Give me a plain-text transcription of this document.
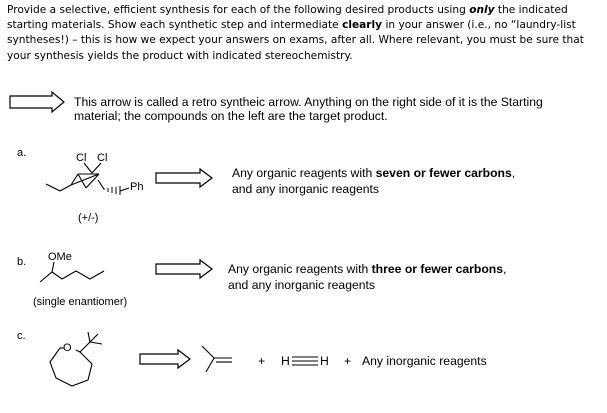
Provide a selective, efficient synthesis for each of the following desired products using only the indicated starting materials. Show each synthetic step and intermediate clearly in your answer (i.e., no “laundry-list syntheses!) – this is how we expect your answers on exams, after all. Where relevant, you must be sure that your synthesis yields the product with indicated stereochemistry.
This arrow is called a retro syntheic arrow. Anything on the right side of it is the Starting
material; the compounds on the left are the target product.
a.	Cl Cl
Ph
(+/-)
Any organic reagents with seven or fewer carbons,
and any inorganic reagents
b. OMe
(single enantiomer)
Any organic reagents with three or fewer carbons,
and any inorganic reagents
c.
O
+ H H + Any inorganic reagents
